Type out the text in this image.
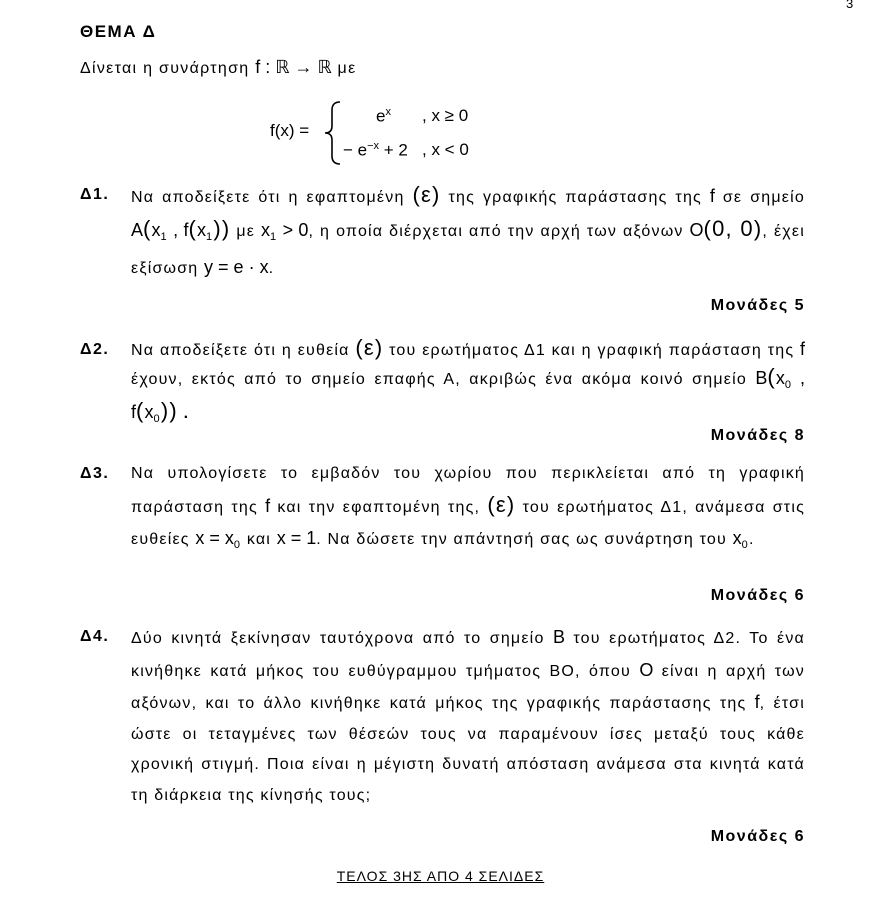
3
ΘΕΜΑ Δ
Δίνεται η συνάρτηση f : ℝ → ℝ με
f(x) =
$e^x$ , x ≥ 0
− $e^{-x} + 2$ , x < 0
Δ1. Να αποδείξετε ότι η εφαπτομένη (ε) της γραφικής παράστασης της f σε σημείο $A(x_1$ , $f(x_1)$) με $x_1 > 0$, η οποία διέρχεται από την αρχή των αξόνων O(0, 0), έχει εξίσωση y = e · x.
Μονάδες 5
Δ2. Να αποδείξετε ότι η ευθεία (ε) του ερωτήματος Δ1 και η γραφική παράσταση της f έχουν, εκτός από το σημείο επαφής Α, ακριβώς ένα ακόμα κοινό σημείο $B(x_0$ , $f(x_0)$) .
Μονάδες 8
Δ3. Να υπολογίσετε το εμβαδόν του χωρίου που περικλείεται από τη γραφική παράσταση της f και την εφαπτομένη της, (ε) του ερωτήματος Δ1, ανάμεσα στις ευθείες $x = x_0$ και x = 1. Να δώσετε την απάντησή σας ως συνάρτηση του $x_0$.
Μονάδες 6
Δ4. Δύο κινητά ξεκίνησαν ταυτόχρονα από το σημείο B του ερωτήματος Δ2. Το ένα κινήθηκε κατά μήκος του ευθύγραμμου τμήματος ΒΟ, όπου O είναι η αρχή των αξόνων, και το άλλο κινήθηκε κατά μήκος της γραφικής παράστασης της f, έτσι ώστε οι τεταγμένες των θέσεών τους να παραμένουν ίσες μεταξύ τους κάθε χρονική στιγμή. Ποια είναι η μέγιστη δυνατή απόσταση ανάμεσα στα κινητά κατά τη διάρκεια της κίνησής τους;
Μονάδες 6
ΤΕΛΟΣ 3ΗΣ ΑΠΟ 4 ΣΕΛΙΔΕΣ
